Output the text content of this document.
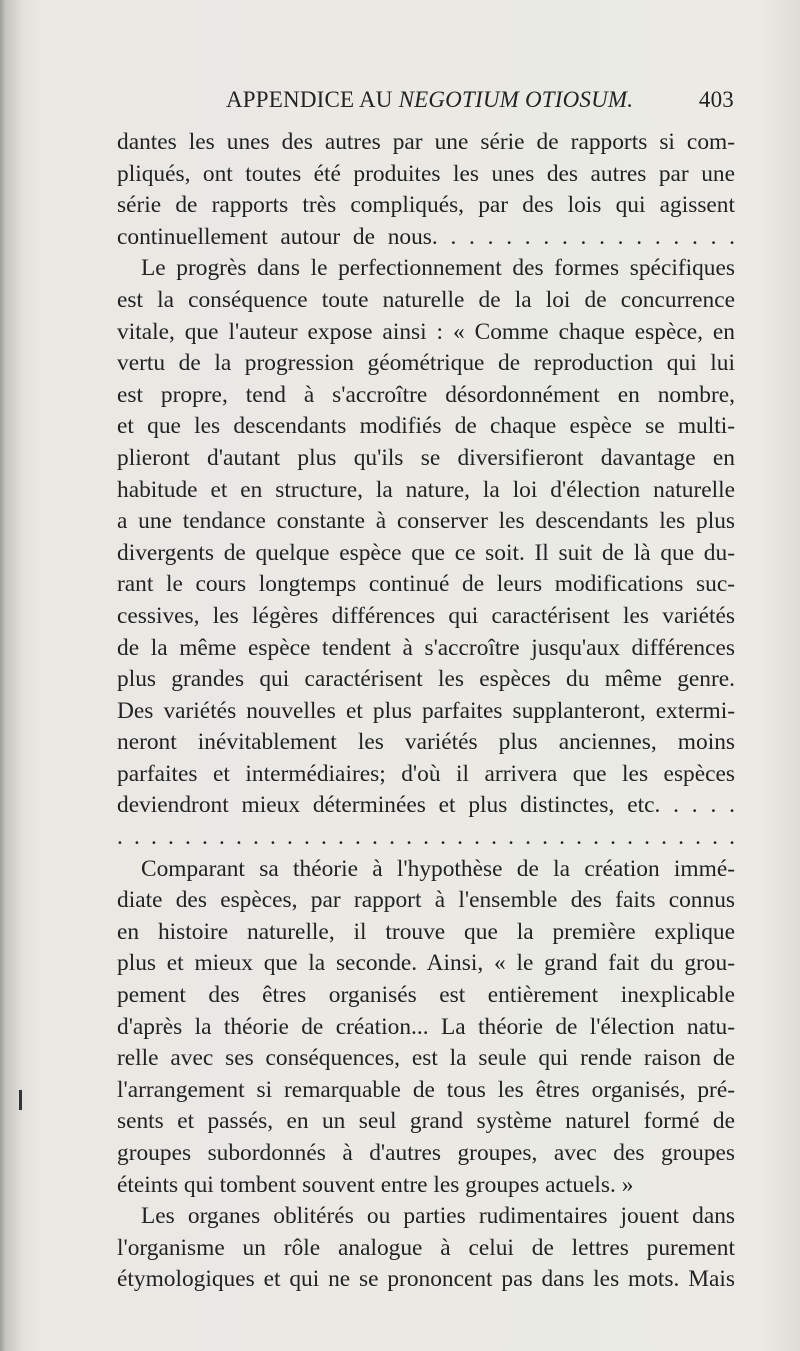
APPENDICE AU NEGOTIUM OTIOSUM.	403
dantes les unes des autres par une série de rapports si com-
pliqués, ont toutes été produites les unes des autres par une
série de rapports très compliqués, par des lois qui agissent
continuellement autour de nous. . . . . . . . . . . . . . . . .
Le progrès dans le perfectionnement des formes spécifiques
est la conséquence toute naturelle de la loi de concurrence
vitale, que l'auteur expose ainsi : « Comme chaque espèce, en
vertu de la progression géométrique de reproduction qui lui
est propre, tend à s'accroître désordonnément en nombre,
et que les descendants modifiés de chaque espèce se multi-
plieront d'autant plus qu'ils se diversifieront davantage en
habitude et en structure, la nature, la loi d'élection naturelle
a une tendance constante à conserver les descendants les plus
divergents de quelque espèce que ce soit. Il suit de là que du-
rant le cours longtemps continué de leurs modifications suc-
cessives, les légères différences qui caractérisent les variétés
de la même espèce tendent à s'accroître jusqu'aux différences
plus grandes qui caractérisent les espèces du même genre.
Des variétés nouvelles et plus parfaites supplanteront, extermi-
neront inévitablement les variétés plus anciennes, moins
parfaites et intermédiaires; d'où il arrivera que les espèces
deviendront mieux déterminées et plus distinctes, etc. . . . .
. . . . . . . . . . . . . . . . . . . . . . . . . . . . . . . . . . . . .
Comparant sa théorie à l'hypothèse de la création immé-
diate des espèces, par rapport à l'ensemble des faits connus
en histoire naturelle, il trouve que la première explique
plus et mieux que la seconde. Ainsi, « le grand fait du grou-
pement des êtres organisés est entièrement inexplicable
d'après la théorie de création... La théorie de l'élection natu-
relle avec ses conséquences, est la seule qui rende raison de
l'arrangement si remarquable de tous les êtres organisés, pré-
sents et passés, en un seul grand système naturel formé de
groupes subordonnés à d'autres groupes, avec des groupes
éteints qui tombent souvent entre les groupes actuels. »
Les organes oblitérés ou parties rudimentaires jouent dans
l'organisme un rôle analogue à celui de lettres purement
étymologiques et qui ne se prononcent pas dans les mots. Mais
